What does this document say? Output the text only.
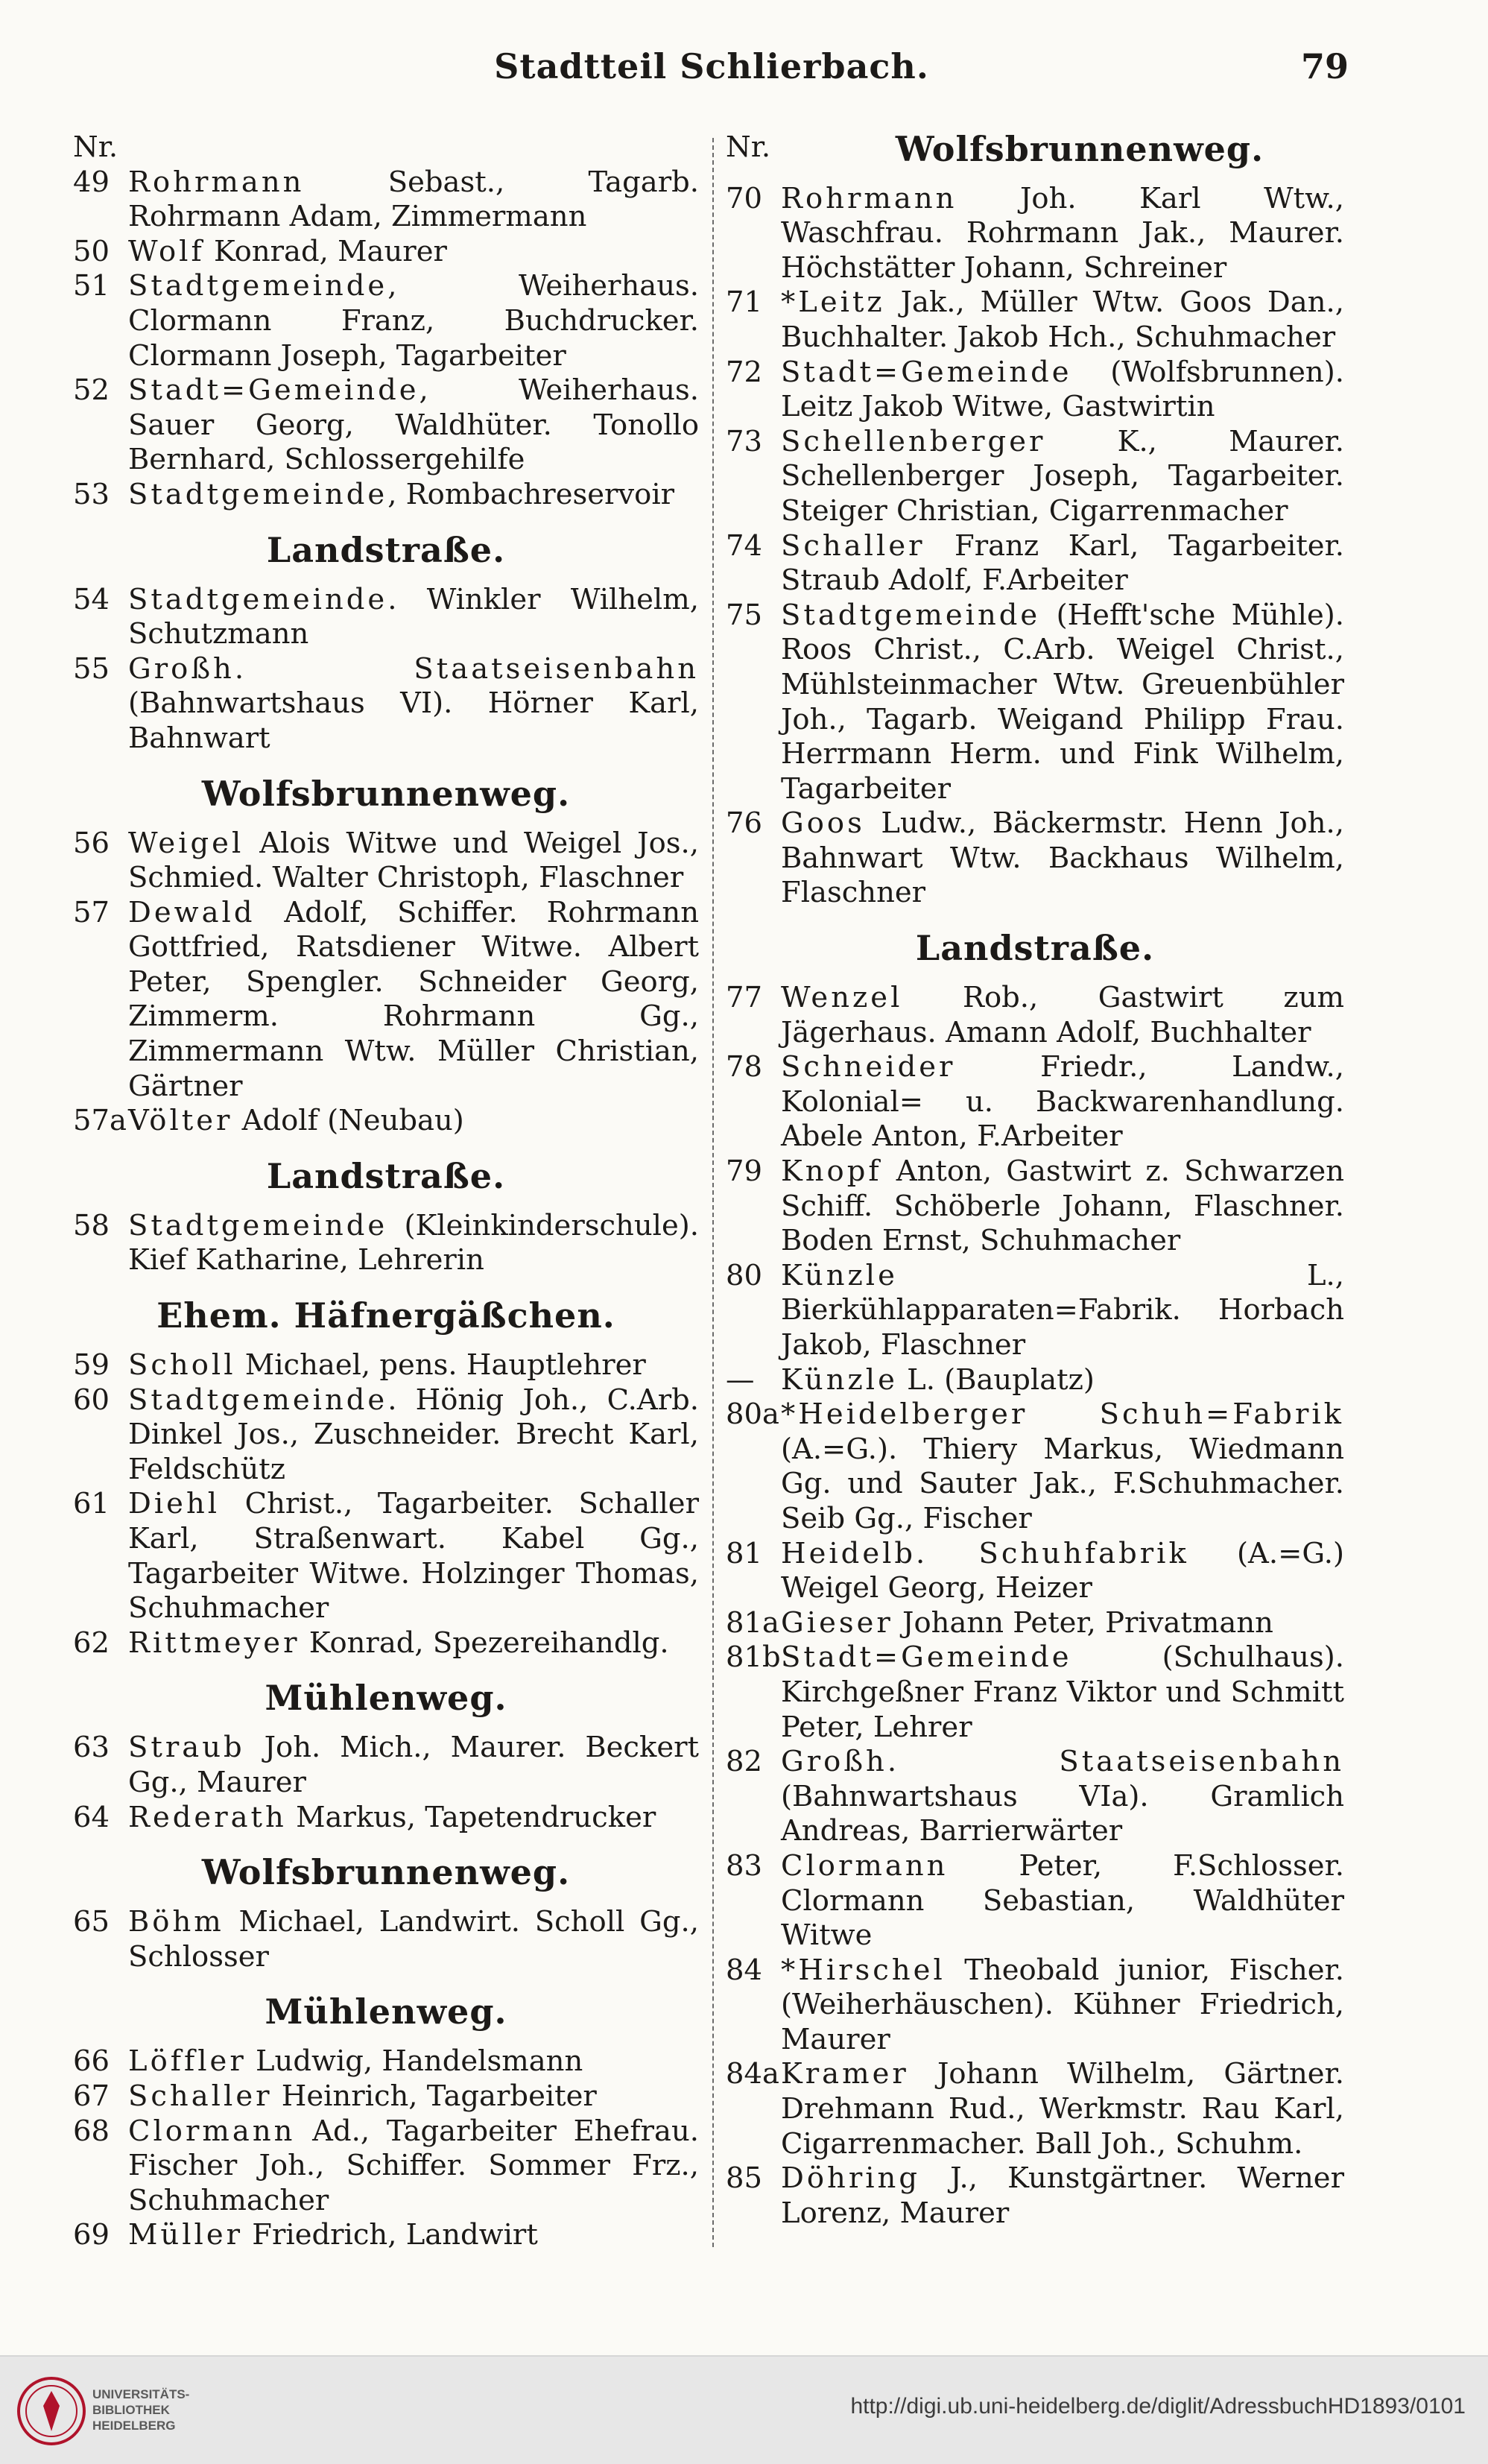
Stadtteil Schlierbach.	79
Nr.
49 Rohrmann Sebast., Tagarb. Rohrmann Adam, Zimmermann
50 Wolf Konrad, Maurer
51 Stadtgemeinde, Weiherhaus. Clormann Franz, Buchdrucker. Clormann Joseph, Tagarbeiter
52 Stadt=Gemeinde, Weiherhaus. Sauer Georg, Waldhüter. Tonollo Bernhard, Schlossergehilfe
53 Stadtgemeinde, Rombachreservoir
Landstraße.
54 Stadtgemeinde. Winkler Wilhelm, Schutzmann
55 Großh. Staatseisenbahn (Bahnwartshaus VI). Hörner Karl, Bahnwart
Wolfsbrunnenweg.
56 Weigel Alois Witwe und Weigel Jos., Schmied. Walter Christoph, Flaschner
57 Dewald Adolf, Schiffer. Rohrmann Gottfried, Ratsdiener Witwe. Albert Peter, Spengler. Schneider Georg, Zimmerm. Rohrmann Gg., Zimmermann Wtw. Müller Christian, Gärtner
57aVölter Adolf (Neubau)
Landstraße.
58 Stadtgemeinde (Kleinkinderschule). Kief Katharine, Lehrerin
Ehem. Häfnergäßchen.
59 Scholl Michael, pens. Hauptlehrer
60 Stadtgemeinde. Hönig Joh., C.Arb. Dinkel Jos., Zuschneider. Brecht Karl, Feldschütz
61 Diehl Christ., Tagarbeiter. Schaller Karl, Straßenwart. Kabel Gg., Tagarbeiter Witwe. Holzinger Thomas, Schuhmacher
62 Rittmeyer Konrad, Spezereihandlg.
Mühlenweg.
63 Straub Joh. Mich., Maurer. Beckert Gg., Maurer
64 Rederath Markus, Tapetendrucker
Wolfsbrunnenweg.
65 Böhm Michael, Landwirt. Scholl Gg., Schlosser
Mühlenweg.
66 Löffler Ludwig, Handelsmann
67 Schaller Heinrich, Tagarbeiter
68 Clormann Ad., Tagarbeiter Ehefrau. Fischer Joh., Schiffer. Sommer Frz., Schuhmacher
69 Müller Friedrich, Landwirt
Nr.	Wolfsbrunnenweg.
70 Rohrmann Joh. Karl Wtw., Waschfrau. Rohrmann Jak., Maurer. Höchstätter Johann, Schreiner
71 *Leitz Jak., Müller Wtw. Goos Dan., Buchhalter. Jakob Hch., Schuhmacher
72 Stadt=Gemeinde (Wolfsbrunnen). Leitz Jakob Witwe, Gastwirtin
73 Schellenberger K., Maurer. Schellenberger Joseph, Tagarbeiter. Steiger Christian, Cigarrenmacher
74 Schaller Franz Karl, Tagarbeiter. Straub Adolf, F.Arbeiter
75 Stadtgemeinde (Hefft'sche Mühle). Roos Christ., C.Arb. Weigel Christ., Mühlsteinmacher Wtw. Greuenbühler Joh., Tagarb. Weigand Philipp Frau. Herrmann Herm. und Fink Wilhelm, Tagarbeiter
76 Goos Ludw., Bäckermstr. Henn Joh., Bahnwart Wtw. Backhaus Wilhelm, Flaschner
Landstraße.
77 Wenzel Rob., Gastwirt zum Jägerhaus. Amann Adolf, Buchhalter
78 Schneider Friedr., Landw., Kolonial= u. Backwarenhandlung. Abele Anton, F.Arbeiter
79 Knopf Anton, Gastwirt z. Schwarzen Schiff. Schöberle Johann, Flaschner. Boden Ernst, Schuhmacher
80 Künzle L., Bierkühlapparaten=Fabrik. Horbach Jakob, Flaschner
— Künzle L. (Bauplatz)
80a*Heidelberger Schuh=Fabrik (A.=G.). Thiery Markus, Wiedmann Gg. und Sauter Jak., F.Schuhmacher. Seib Gg., Fischer
81 Heidelb. Schuhfabrik (A.=G.) Weigel Georg, Heizer
81aGieser Johann Peter, Privatmann
81bStadt=Gemeinde (Schulhaus). Kirchgeßner Franz Viktor und Schmitt Peter, Lehrer
82 Großh. Staatseisenbahn (Bahnwartshaus VIa). Gramlich Andreas, Barrierwärter
83 Clormann Peter, F.Schlosser. Clormann Sebastian, Waldhüter Witwe
84 *Hirschel Theobald junior, Fischer. (Weiherhäuschen). Kühner Friedrich, Maurer
84aKramer Johann Wilhelm, Gärtner. Drehmann Rud., Werkmstr. Rau Karl, Cigarrenmacher. Ball Joh., Schuhm.
85 Döhring J., Kunstgärtner. Werner Lorenz, Maurer
UNIVERSITÄTS-
BIBLIOTHEK
HEIDELBERG
http://digi.ub.uni-heidelberg.de/diglit/AdressbuchHD1893/0101
